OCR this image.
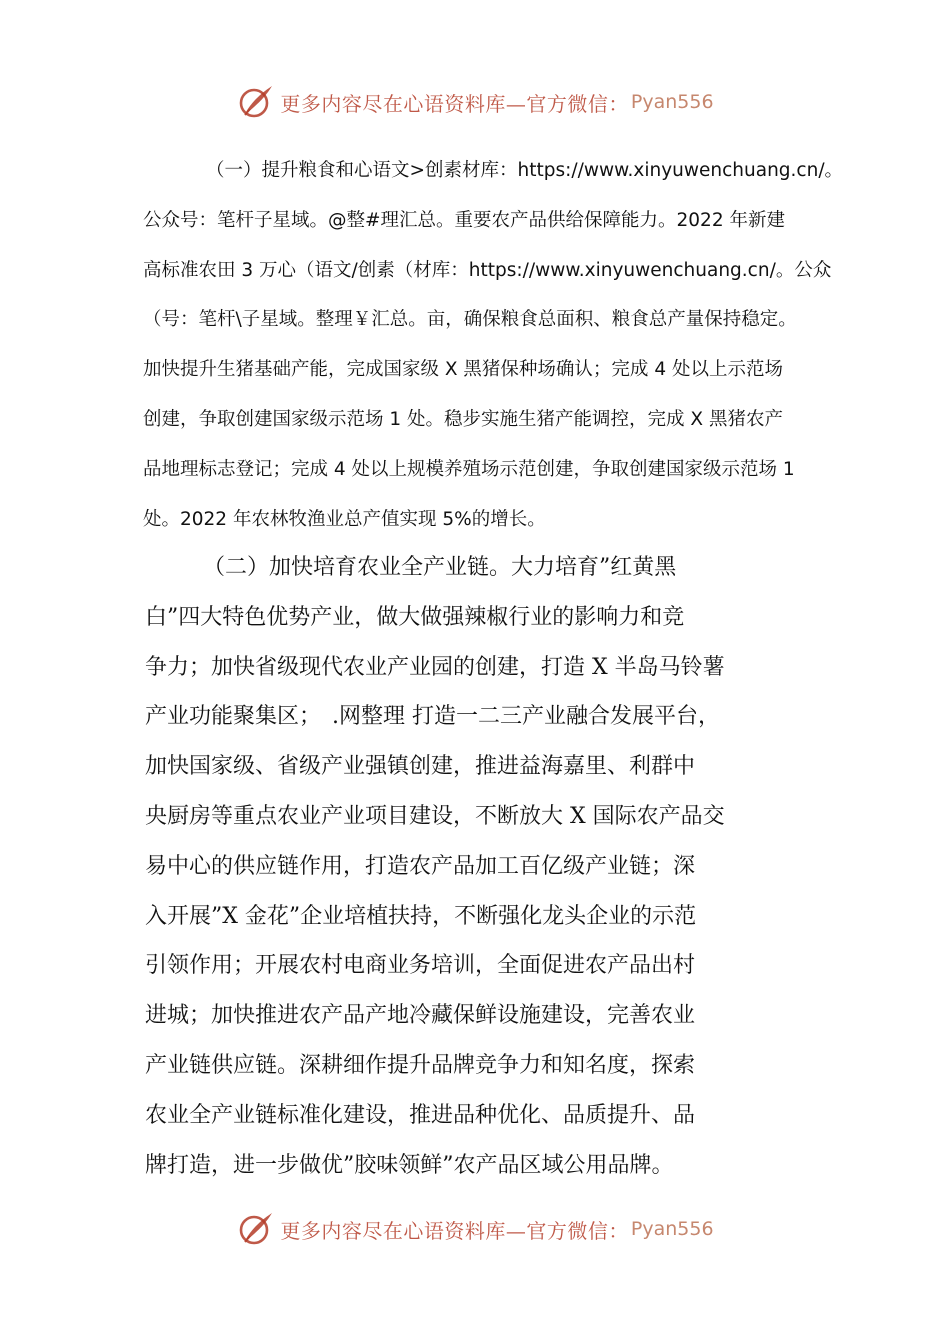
更多内容尽在心语资料库—官方微信： Pyan556
（一）提升粮食和心语文>创素材库：https://www.xinyuwenchuang.cn/。
公众号：笔杆子星域。@整#理汇总。重要农产品供给保障能力。2022 年新建
高标准农田 3 万心（语文/创素（材库：https://www.xinyuwenchuang.cn/。公众
（号：笔杆\子星域。整理￥汇总。亩，确保粮食总面积、粮食总产量保持稳定。
加快提升生猪基础产能，完成国家级 X 黑猪保种场确认；完成 4 处以上示范场
创建，争取创建国家级示范场 1 处。稳步实施生猪产能调控，完成 X 黑猪农产
品地理标志登记；完成 4 处以上规模养殖场示范创建，争取创建国家级示范场 1
处。2022 年农林牧渔业总产值实现 5%的增长。
（二）加快培育农业全产业链。大力培育”红黄黑
白”四大特色优势产业，做大做强辣椒行业的影响力和竞
争力；加快省级现代农业产业园的创建，打造 X 半岛马铃薯
产业功能聚集区；　.网整理 打造一二三产业融合发展平台，
加快国家级、省级产业强镇创建，推进益海嘉里、利群中
央厨房等重点农业产业项目建设，不断放大 X 国际农产品交
易中心的供应链作用，打造农产品加工百亿级产业链；深
入开展”X 金花”企业培植扶持，不断强化龙头企业的示范
引领作用；开展农村电商业务培训，全面促进农产品出村
进城；加快推进农产品产地冷藏保鲜设施建设，完善农业
产业链供应链。深耕细作提升品牌竞争力和知名度，探索
农业全产业链标准化建设，推进品种优化、品质提升、品
牌打造，进一步做优”胶味领鲜”农产品区域公用品牌。
更多内容尽在心语资料库—官方微信： Pyan556
